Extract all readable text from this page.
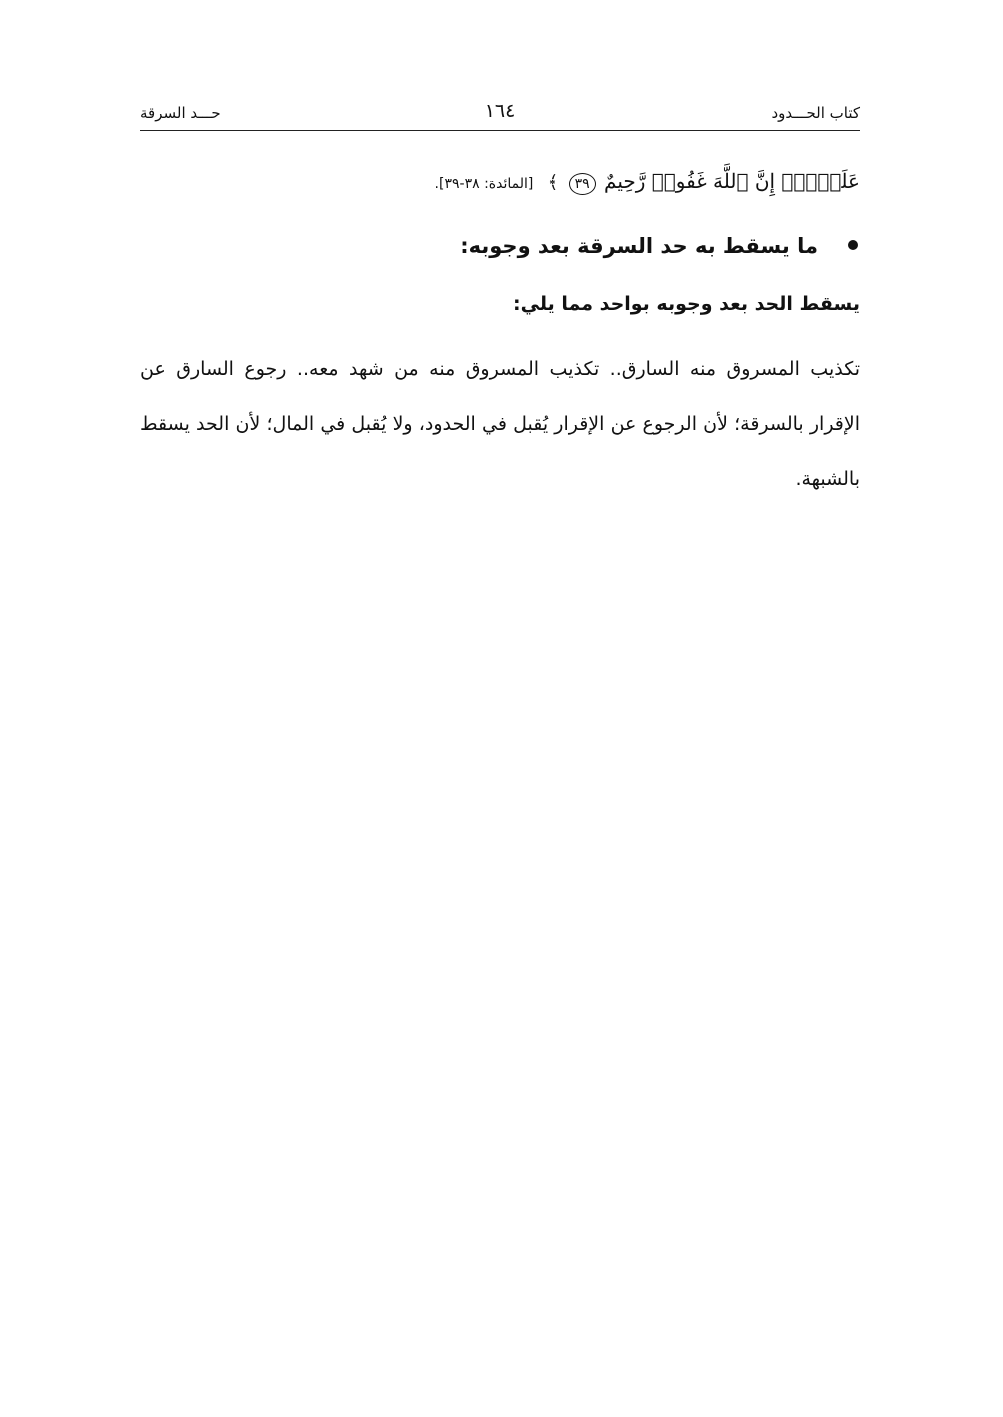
كتاب الحـــدود
١٦٤
حـــد السرقة
عَلَيۡهِۚ إِنَّ ٱللَّهَ غَفُورٞ رَّحِيمٌ ٣٩ ﴾ [المائدة: ٣٨-٣٩].
ما يسقط به حد السرقة بعد وجوبه:
يسقط الحد بعد وجوبه بواحد مما يلي:
تكذيب المسروق منه السارق.. تكذيب المسروق منه من شهد معه.. رجوع السارق عن الإقرار بالسرقة؛ لأن الرجوع عن الإقرار يُقبل في الحدود، ولا يُقبل في المال؛ لأن الحد يسقط بالشبهة.
